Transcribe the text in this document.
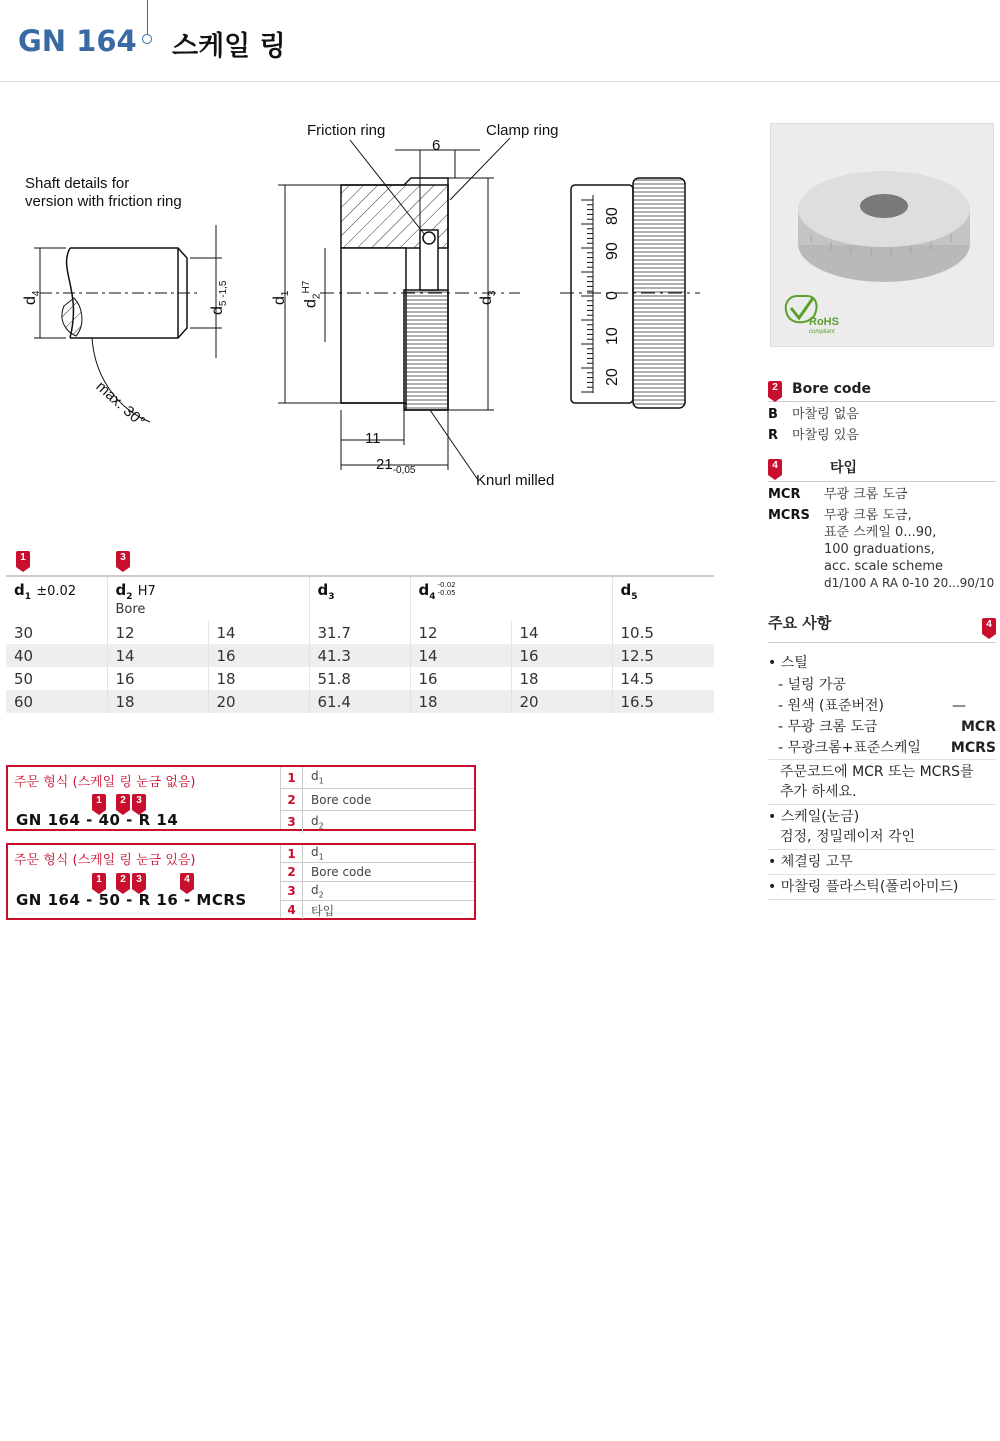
GN 164 스케일 링
Friction ring	Clamp ring
6
Shaft details for
version with friction ring
11
$21_{-0,05}$
Knurl milled
max. 30°
$d_4$
$d_5$ $_{-1,5}$
$d_1$
$d_2^{H7}$
$d_3$
80
90
0
10
20
RoHS
compliant
2	Bore code
B	마찰링 없음
R	마찰링 있음
4	타입
MCR	무광 크롬 도금
MCRS	무광 크롬 도금,
표준 스케일 0...90,
100 graduations,
acc. scale scheme
d1/100 A RA 0-10 20...90/10
1	3
$d_1 \pm 0.02$	$d_2$ H7
Bore		$d_3$	$d_4$
-0.02
-0.05		$d_5$
30	12	14	31.7	12	14	10.5
40	14	16	41.3	14	16	12.5
50	16	18	51.8	16	18	14.5
60	18	20	61.4	18	20	16.5
주문 형식 (스케일 링 눈금 없음)
1	2	3
GN 164 - 40 - R 14
1	$d_1$
2	Bore code
3	$d_2$
주문 형식 (스케일 링 눈금 있음)
1	2	3	4
GN 164 - 50 - R 16 - MCRS
1	$d_1$
2	Bore code
3	$d_2$
4	타입
주요 사항	4
• 스틸
- 널링 가공
- 원색 (표준버전)	—
- 무광 크롬 도금	MCR
- 무광크롬+표준스케일 MCRS
주문코드에 MCR 또는 MCRS를
추가 하세요.
• 스케일(눈금)
검정, 정밀레이저 각인
• 체결링 고무
• 마찰링 플라스틱(폴리아미드)
